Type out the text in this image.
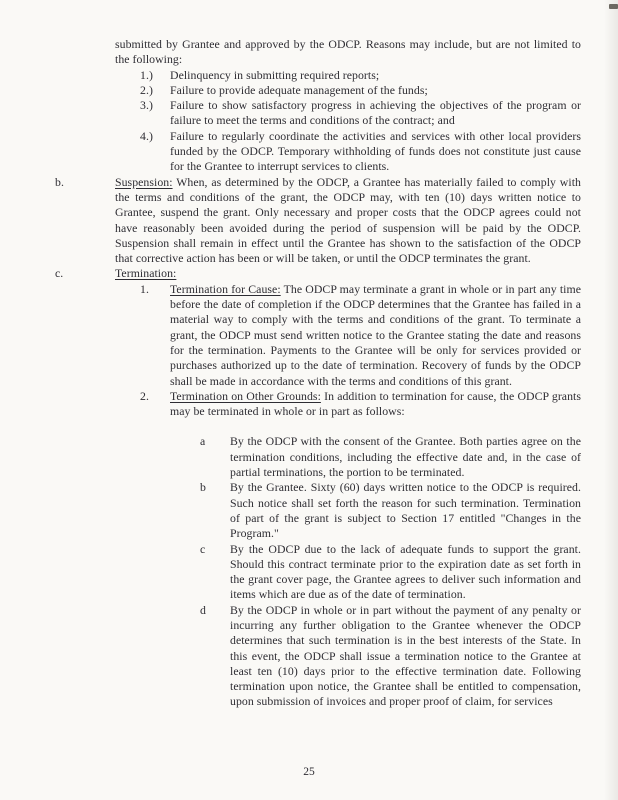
submitted by Grantee and approved by the ODCP. Reasons may include, but are not limited to the following:

1.)	Delinquency in submitting required reports;
2.)	Failure to provide adequate management of the funds;
3.)	Failure to show satisfactory progress in achieving the objectives of the program or failure to meet the terms and conditions of the contract; and
4.)	Failure to regularly coordinate the activities and services with other local providers funded by the ODCP. Temporary withholding of funds does not constitute just cause for the Grantee to interrupt services to clients.
b.	Suspension: When, as determined by the ODCP, a Grantee has materially failed to comply with the terms and conditions of the grant, the ODCP may, with ten (10) days written notice to Grantee, suspend the grant. Only necessary and proper costs that the ODCP agrees could not have reasonably been avoided during the period of suspension will be paid by the ODCP. Suspension shall remain in effect until the Grantee has shown to the satisfaction of the ODCP that corrective action has been or will be taken, or until the ODCP terminates the grant.

c.	Termination:

1.	Termination for Cause: The ODCP may terminate a grant in whole or in part any time before the date of completion if the ODCP determines that the Grantee has failed in a material way to comply with the terms and conditions of the grant. To terminate a grant, the ODCP must send written notice to the Grantee stating the date and reasons for the termination. Payments to the Grantee will be only for services provided or purchases authorized up to the date of termination. Recovery of funds by the ODCP shall be made in accordance with the terms and conditions of this grant.
2.	Termination on Other Grounds: In addition to termination for cause, the ODCP grants may be terminated in whole or in part as follows:
a	By the ODCP with the consent of the Grantee. Both parties agree on the termination conditions, including the effective date and, in the case of partial terminations, the portion to be terminated.
b	By the Grantee. Sixty (60) days written notice to the ODCP is required. Such notice shall set forth the reason for such termination. Termination of part of the grant is subject to Section 17 entitled "Changes in the Program."
c	By the ODCP due to the lack of adequate funds to support the grant. Should this contract terminate prior to the expiration date as set forth in the grant cover page, the Grantee agrees to deliver such information and items which are due as of the date of termination.
d	By the ODCP in whole or in part without the payment of any penalty or incurring any further obligation to the Grantee whenever the ODCP determines that such termination is in the best interests of the State. In this event, the ODCP shall issue a termination notice to the Grantee at least ten (10) days prior to the effective termination date. Following termination upon notice, the Grantee shall be entitled to compensation, upon submission of invoices and proper proof of claim, for services
25
